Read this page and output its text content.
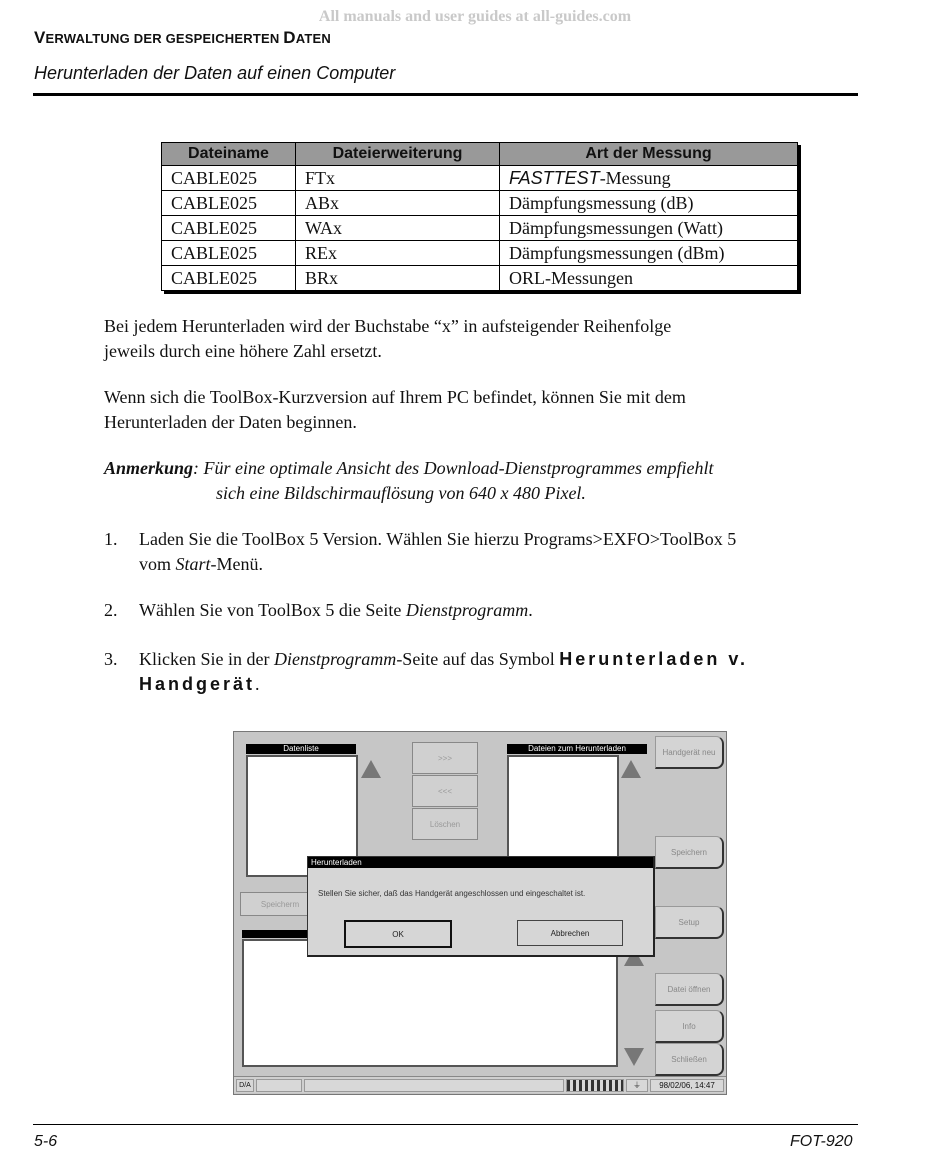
All manuals and user guides at all-guides.com
VERWALTUNG DER GESPEICHERTEN DATEN
Herunterladen der Daten auf einen Computer
Dateiname	Dateierweiterung	Art der Messung
CABLE025	FTx	FASTTEST-Messung
CABLE025	ABx	Dämpfungsmessung (dB)
CABLE025	WAx	Dämpfungsmessungen (Watt)
CABLE025	REx	Dämpfungsmessungen (dBm)
CABLE025	BRx	ORL-Messungen
Bei jedem Herunterladen wird der Buchstabe “x” in aufsteigender Reihenfolge
jeweils durch eine höhere Zahl ersetzt.
Wenn sich die ToolBox-Kurzversion auf Ihrem PC befindet, können Sie mit dem
Herunterladen der Daten beginnen.
Anmerkung: Für eine optimale Ansicht des Download-Dienstprogrammes empfiehlt
sich eine Bildschirmauflösung von 640 x 480 Pixel.
1. Laden Sie die ToolBox 5 Version. Wählen Sie hierzu Programs>EXFO>ToolBox 5
vom Start-Menü.
2. Wählen Sie von ToolBox 5 die Seite Dienstprogramm.
3. Klicken Sie in der Dienstprogramm-Seite auf das Symbol Herunterladen v.
Handgerät.
Datenliste
Speicherm
>>>
<<<
Löschen
Dateien zum Herunterladen	Handgerät neu
Speichern
Setup
Datei öffnen
Info
Schließen
Herunterladen
Stellen Sie sicher, daß das Handgerät angeschlossen und eingeschaltet ist.
OK	Abbrechen
D/A	⏚	98/02/06, 14:47
5-6	FOT-920
